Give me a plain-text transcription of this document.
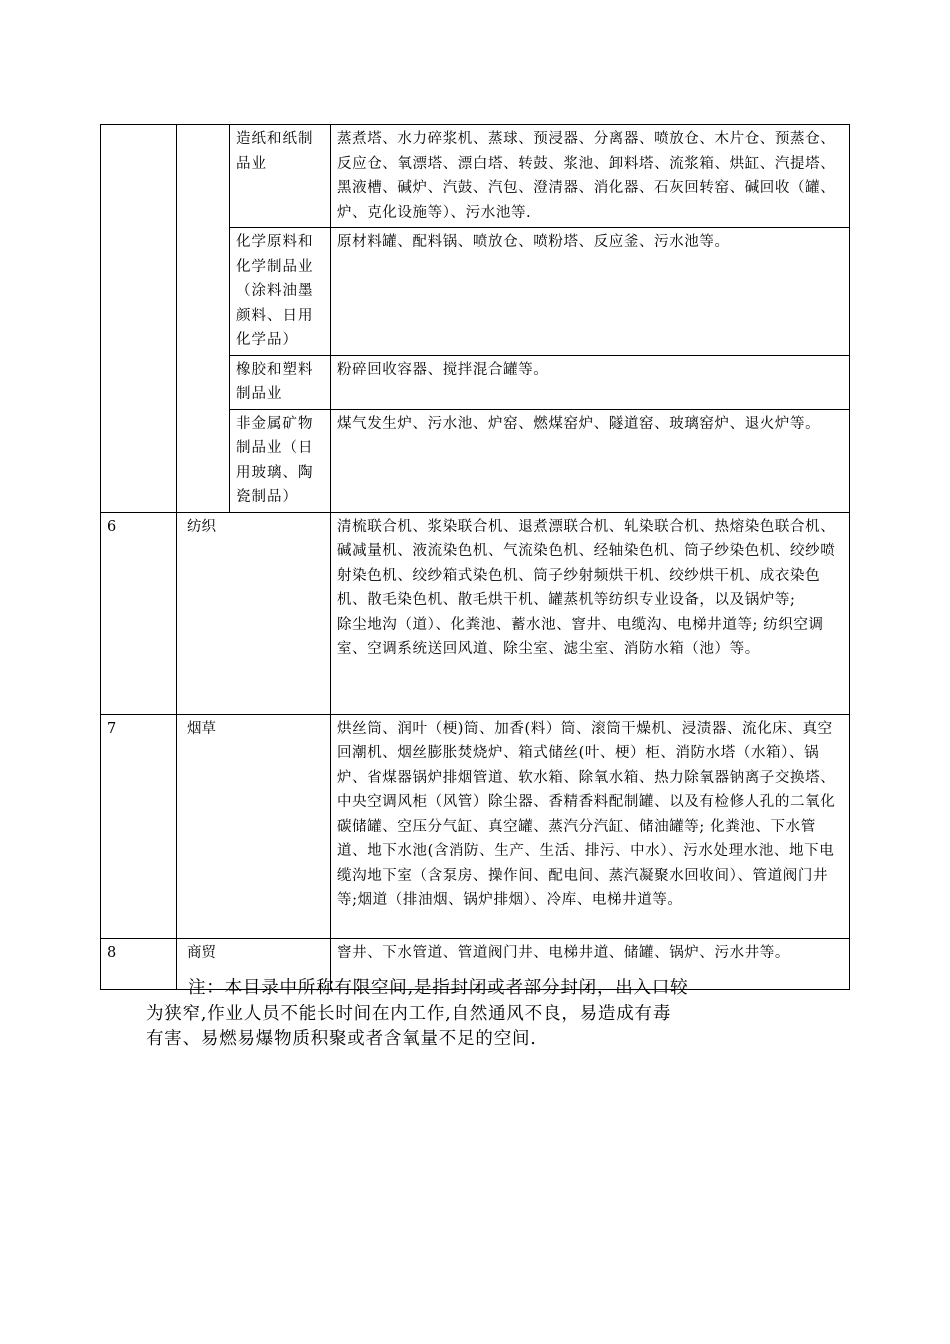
		造纸和纸制品业	蒸煮塔、水力碎浆机、蒸球、预浸器、分离器、喷放仓、木片仓、预蒸仓、反应仓、氧漂塔、漂白塔、转鼓、浆池、卸料塔、流浆箱、烘缸、汽提塔、黑液槽、碱炉、汽鼓、汽包、澄清器、消化器、石灰回转窑、碱回收（罐、炉、克化设施等）、污水池等.
		化学原料和化学制品业（涂料油墨颜料、日用化学品）	原材料罐、配料锅、喷放仓、喷粉塔、反应釜、污水池等。
		橡胶和塑料制品业	粉碎回收容器、搅拌混合罐等。
		非金属矿物制品业（日用玻璃、陶瓷制品）	煤气发生炉、污水池、炉窑、燃煤窑炉、隧道窑、玻璃窑炉、退火炉等。
6	纺织		清梳联合机、浆染联合机、退煮漂联合机、轧染联合机、热熔染色联合机、碱减量机、液流染色机、气流染色机、经轴染色机、筒子纱染色机、绞纱喷射染色机、绞纱箱式染色机、筒子纱射频烘干机、绞纱烘干机、成衣染色机、散毛染色机、散毛烘干机、罐蒸机等纺织专业设备，以及锅炉等;
除尘地沟（道）、化粪池、蓄水池、窨井、电缆沟、电梯井道等; 纺织空调室、空调系统送回风道、除尘室、滤尘室、消防水箱（池）等。

7	烟草		烘丝筒、润叶（梗)筒、加香(料）筒、滚筒干燥机、浸渍器、流化床、真空回潮机、烟丝膨胀焚烧炉、箱式储丝(叶、梗）柜、消防水塔（水箱）、锅炉、省煤器锅炉排烟管道、软水箱、除氧水箱、热力除氧器钠离子交换塔、中央空调风柜（风管）除尘器、香精香料配制罐、以及有检修人孔的二氧化碳储罐、空压分气缸、真空罐、蒸汽分汽缸、储油罐等; 化粪池、下水管道、地下水池(含消防、生产、生活、排污、中水）、污水处理水池、地下电缆沟地下室（含泵房、操作间、配电间、蒸汽凝聚水回收间）、管道阀门井等;烟道（排油烟、锅炉排烟）、冷库、电梯井道等。
8	商贸		窨井、下水管道、管道阀门井、电梯井道、储罐、锅炉、污水井等。

注：本目录中所称有限空间,是指封闭或者部分封闭，出入口较

为狭窄,作业人员不能长时间在内工作,自然通风不良，易造成有毒

有害、易燃易爆物质积聚或者含氧量不足的空间.
